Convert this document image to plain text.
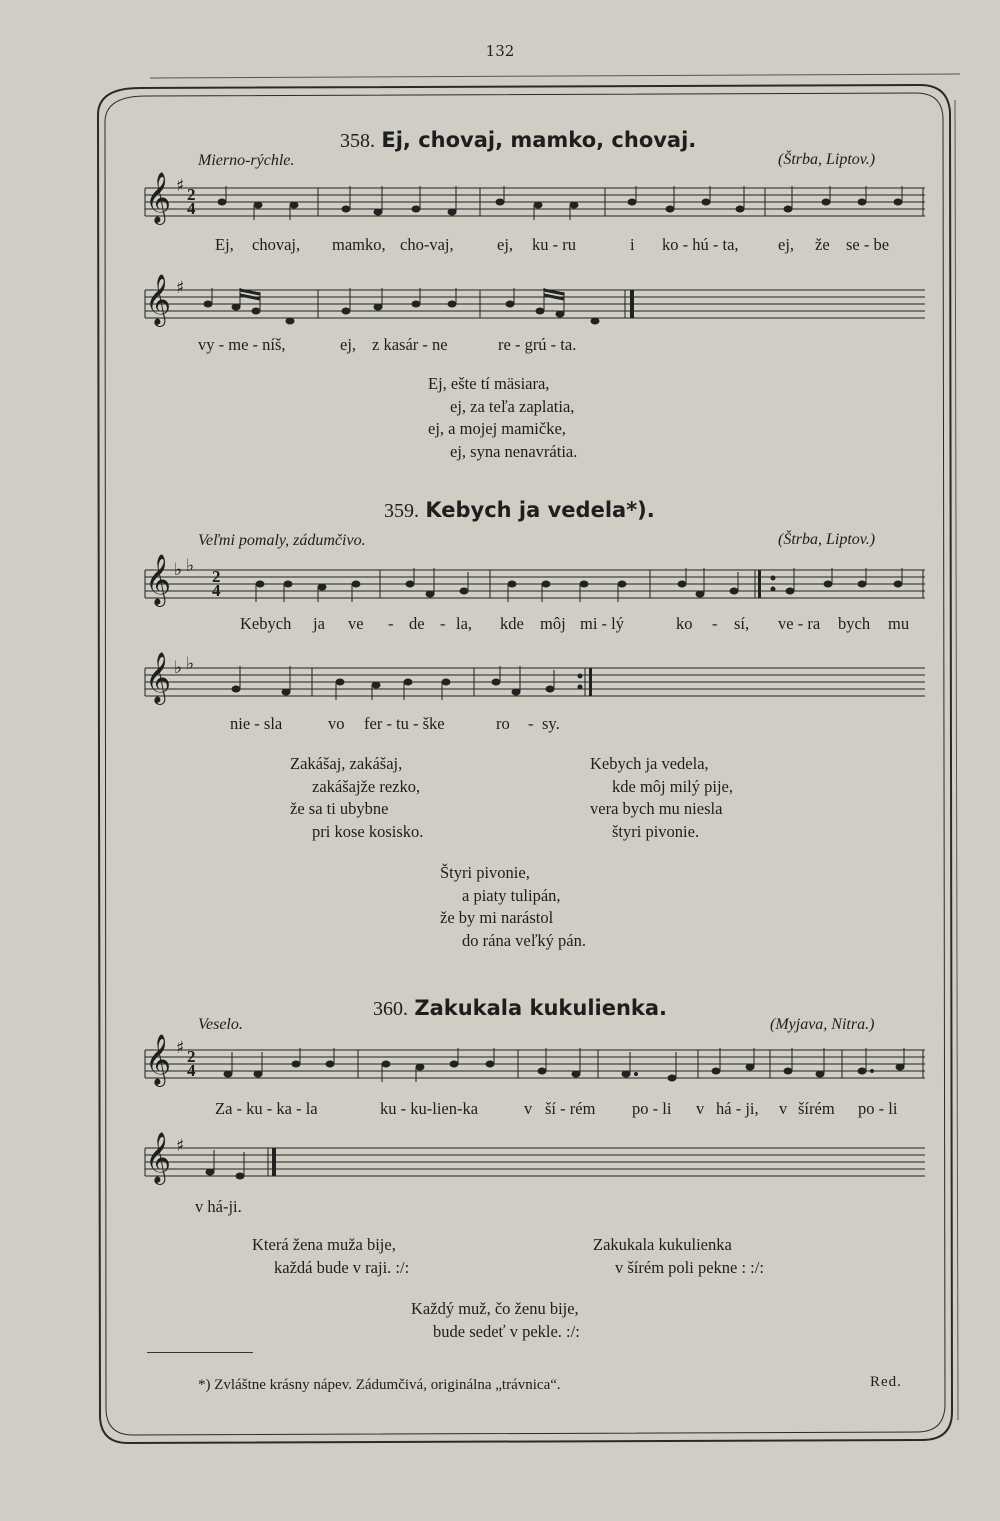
132
358. Ej, chovaj, mamko, chovaj.
Mierno-rýchle.	(Štrba, Liptov.)
𝄞 ♯ 2
4
Ej, chovaj, mamko, cho-vaj,	ej, ku - ru	i ko - hú - ta, ej, že se - be
𝄞 ♯
vy - me - níš,	ej, z kasár - ne	re - grú - ta.
Ej, ešte tí mäsiara,
ej, za teľa zaplatia,
ej, a mojej mamičke,
ej, syna nenavrátia.
359. Kebych ja vedela*).
Veľmi pomaly, zádumčivo.	(Štrba, Liptov.)
𝄞 ♭ ♭
2
4
Kebych ja ve - de - la, kde môj mi - lý	ko - sí, ve - ra bych mu
𝄞 ♭ ♭
nie - sla	vo fer - tu - ške	ro - sy.
Zakášaj, zakášaj,
zakášajže rezko,
že sa ti ubybne
pri kose kosisko.
Kebych ja vedela,
kde môj milý pije,
vera bych mu niesla
štyri pivonie.
Štyri pivonie,
a piaty tulipán,
že by mi narástol
do rána veľký pán.
360. Zakukala kukulienka.
Veselo.	(Myjava, Nitra.)
𝄞 ♯ 2
4
Za - ku - ka - la	ku - ku-lien-ka	v ší - rém po - li v há - ji, v šírém po - li
𝄞 ♯
v há-ji.
Která žena muža bije,
každá bude v raji. :/:
Zakukala kukulienka
v šírém poli pekne : :/:
Každý muž, čo ženu bije,
bude sedeť v pekle. :/:
*) Zvláštne krásny nápev. Zádumčivá, originálna „trávnica“.	Red.
